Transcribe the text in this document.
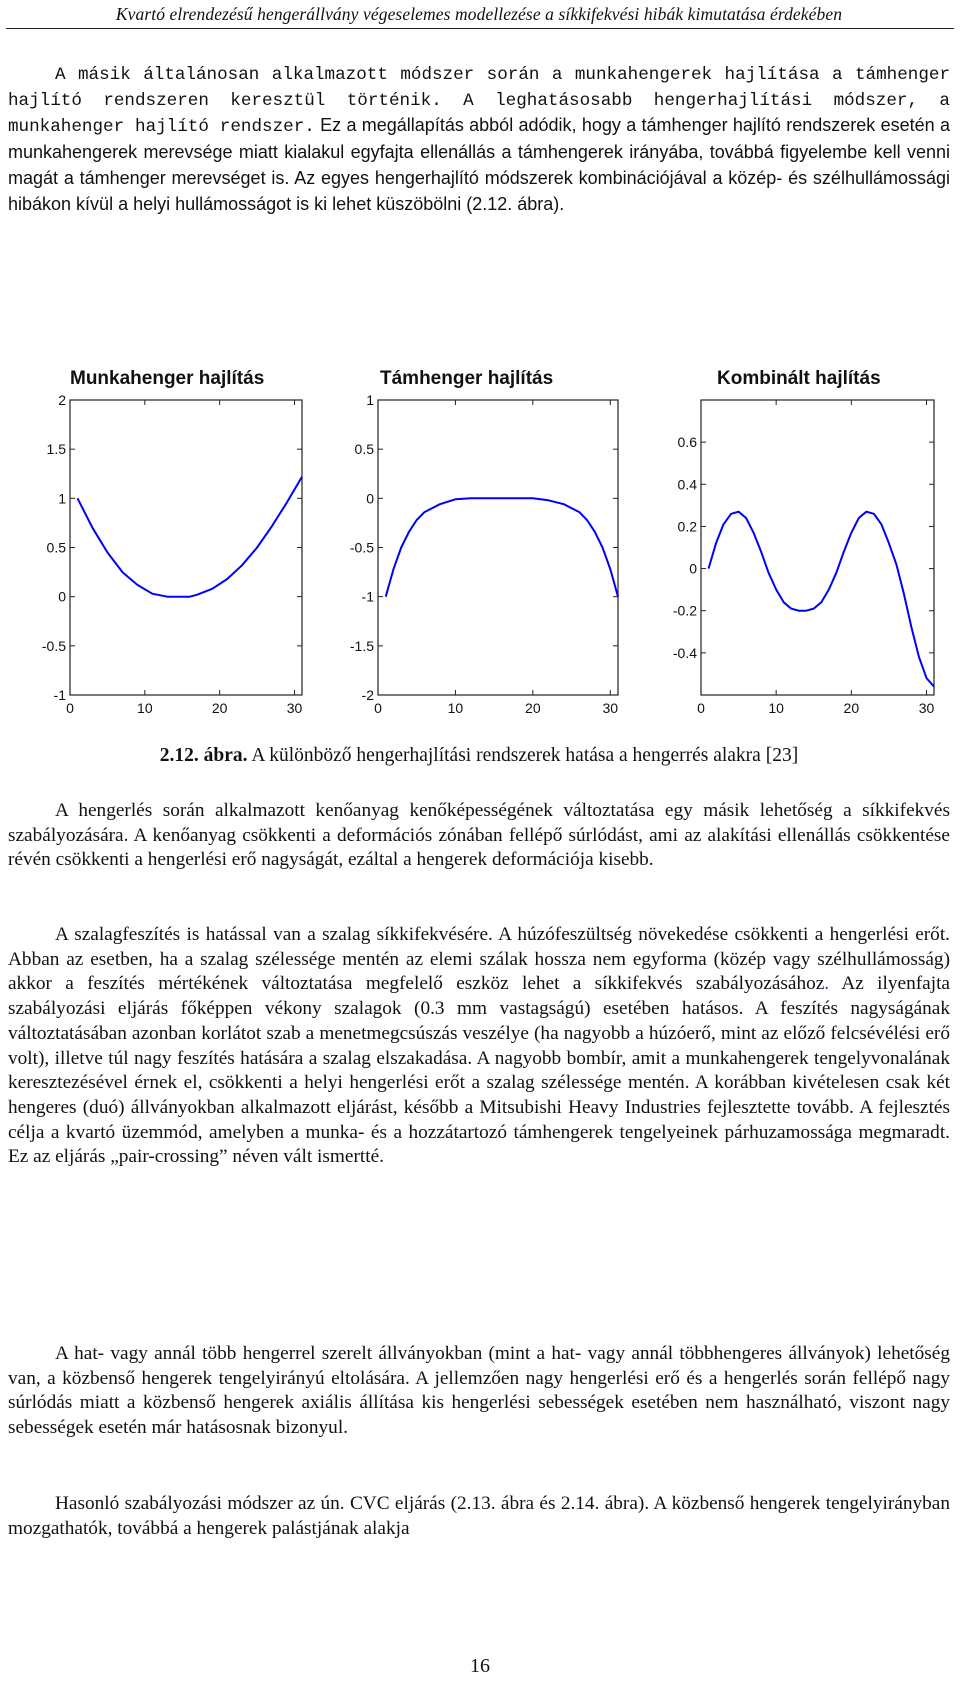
Kvartó elrendezésű hengerállvány végeselemes modellezése a síkkifekvési hibák kimutatása érdekében

A másik általánosan alkalmazott módszer során a munkahengerek hajlítása a támhenger hajlító rendszeren keresztül történik. A leghatásosabb hengerhajlítási módszer, a munkahenger hajlító rendszer. Ez a megállapítás abból adódik, hogy a támhenger hajlító rendszerek esetén a munkahengerek merevsége miatt kialakul egyfajta ellenállás a támhengerek irányába, továbbá figyelembe kell venni magát a támhenger merevséget is. Az egyes hengerhajlító módszerek kombinációjával a közép- és szélhullámossági hibákon kívül a helyi hullámosságot is ki lehet küszöbölni (2.12. ábra).

Munkahenger hajlítás
-1
-0.5
0
0.5
1
1.5
2
0	10	20	30
Támhenger hajlítás
-2
-1.5
-1
-0.5
0
0.5
1
0	10	20	30
Kombinált hajlítás
-0.4
-0.2
0
0.2
0.4
0.6
0	10	20	30
2.12. ábra. A különböző hengerhajlítási rendszerek hatása a hengerrés alakra [23]

A hengerlés során alkalmazott kenőanyag kenőképességének változtatása egy másik lehetőség a síkkifekvés szabályozására. A kenőanyag csökkenti a deformációs zónában fellépő súrlódást, ami az alakítási ellenállás csökkentése révén csökkenti a hengerlési erő nagyságát, ezáltal a hengerek deformációja kisebb.

A szalagfeszítés is hatással van a szalag síkkifekvésére. A húzófeszültség növekedése csökkenti a hengerlési erőt. Abban az esetben, ha a szalag szélessége mentén az elemi szálak hossza nem egyforma (közép vagy szélhullámosság) akkor a feszítés mértékének változtatása megfelelő eszköz lehet a síkkifekvés szabályozásához. Az ilyenfajta szabályozási eljárás főképpen vékony szalagok (0.3 mm vastagságú) esetében hatásos. A feszítés nagyságának változtatásában azonban korlátot szab a menetmegcsúszás veszélye (ha nagyobb a húzóerő, mint az előző felcsévélési erő volt), illetve túl nagy feszítés hatására a szalag elszakadása. A nagyobb bombír, amit a munkahengerek tengelyvonalának keresztezésével érnek el, csökkenti a helyi hengerlési erőt a szalag szélessége mentén. A korábban kivételesen csak két hengeres (duó) állványokban alkalmazott eljárást, később a Mitsubishi Heavy Industries fejlesztette tovább. A fejlesztés célja a kvartó üzemmód, amelyben a munka- és a hozzátartozó támhengerek tengelyeinek párhuzamossága megmaradt. Ez az eljárás „pair-crossing” néven vált ismertté.

A hat- vagy annál több hengerrel szerelt állványokban (mint a hat- vagy annál többhengeres állványok) lehetőség van, a közbenső hengerek tengelyirányú eltolására. A jellemzően nagy hengerlési erő és a hengerlés során fellépő nagy súrlódás miatt a közbenső hengerek axiális állítása kis hengerlési sebességek esetében nem használható, viszont nagy sebességek esetén már hatásosnak bizonyul.

Hasonló szabályozási módszer az ún. CVC eljárás (2.13. ábra és 2.14. ábra). A közbenső hengerek tengelyirányban mozgathatók, továbbá a hengerek palástjának alakja

16
